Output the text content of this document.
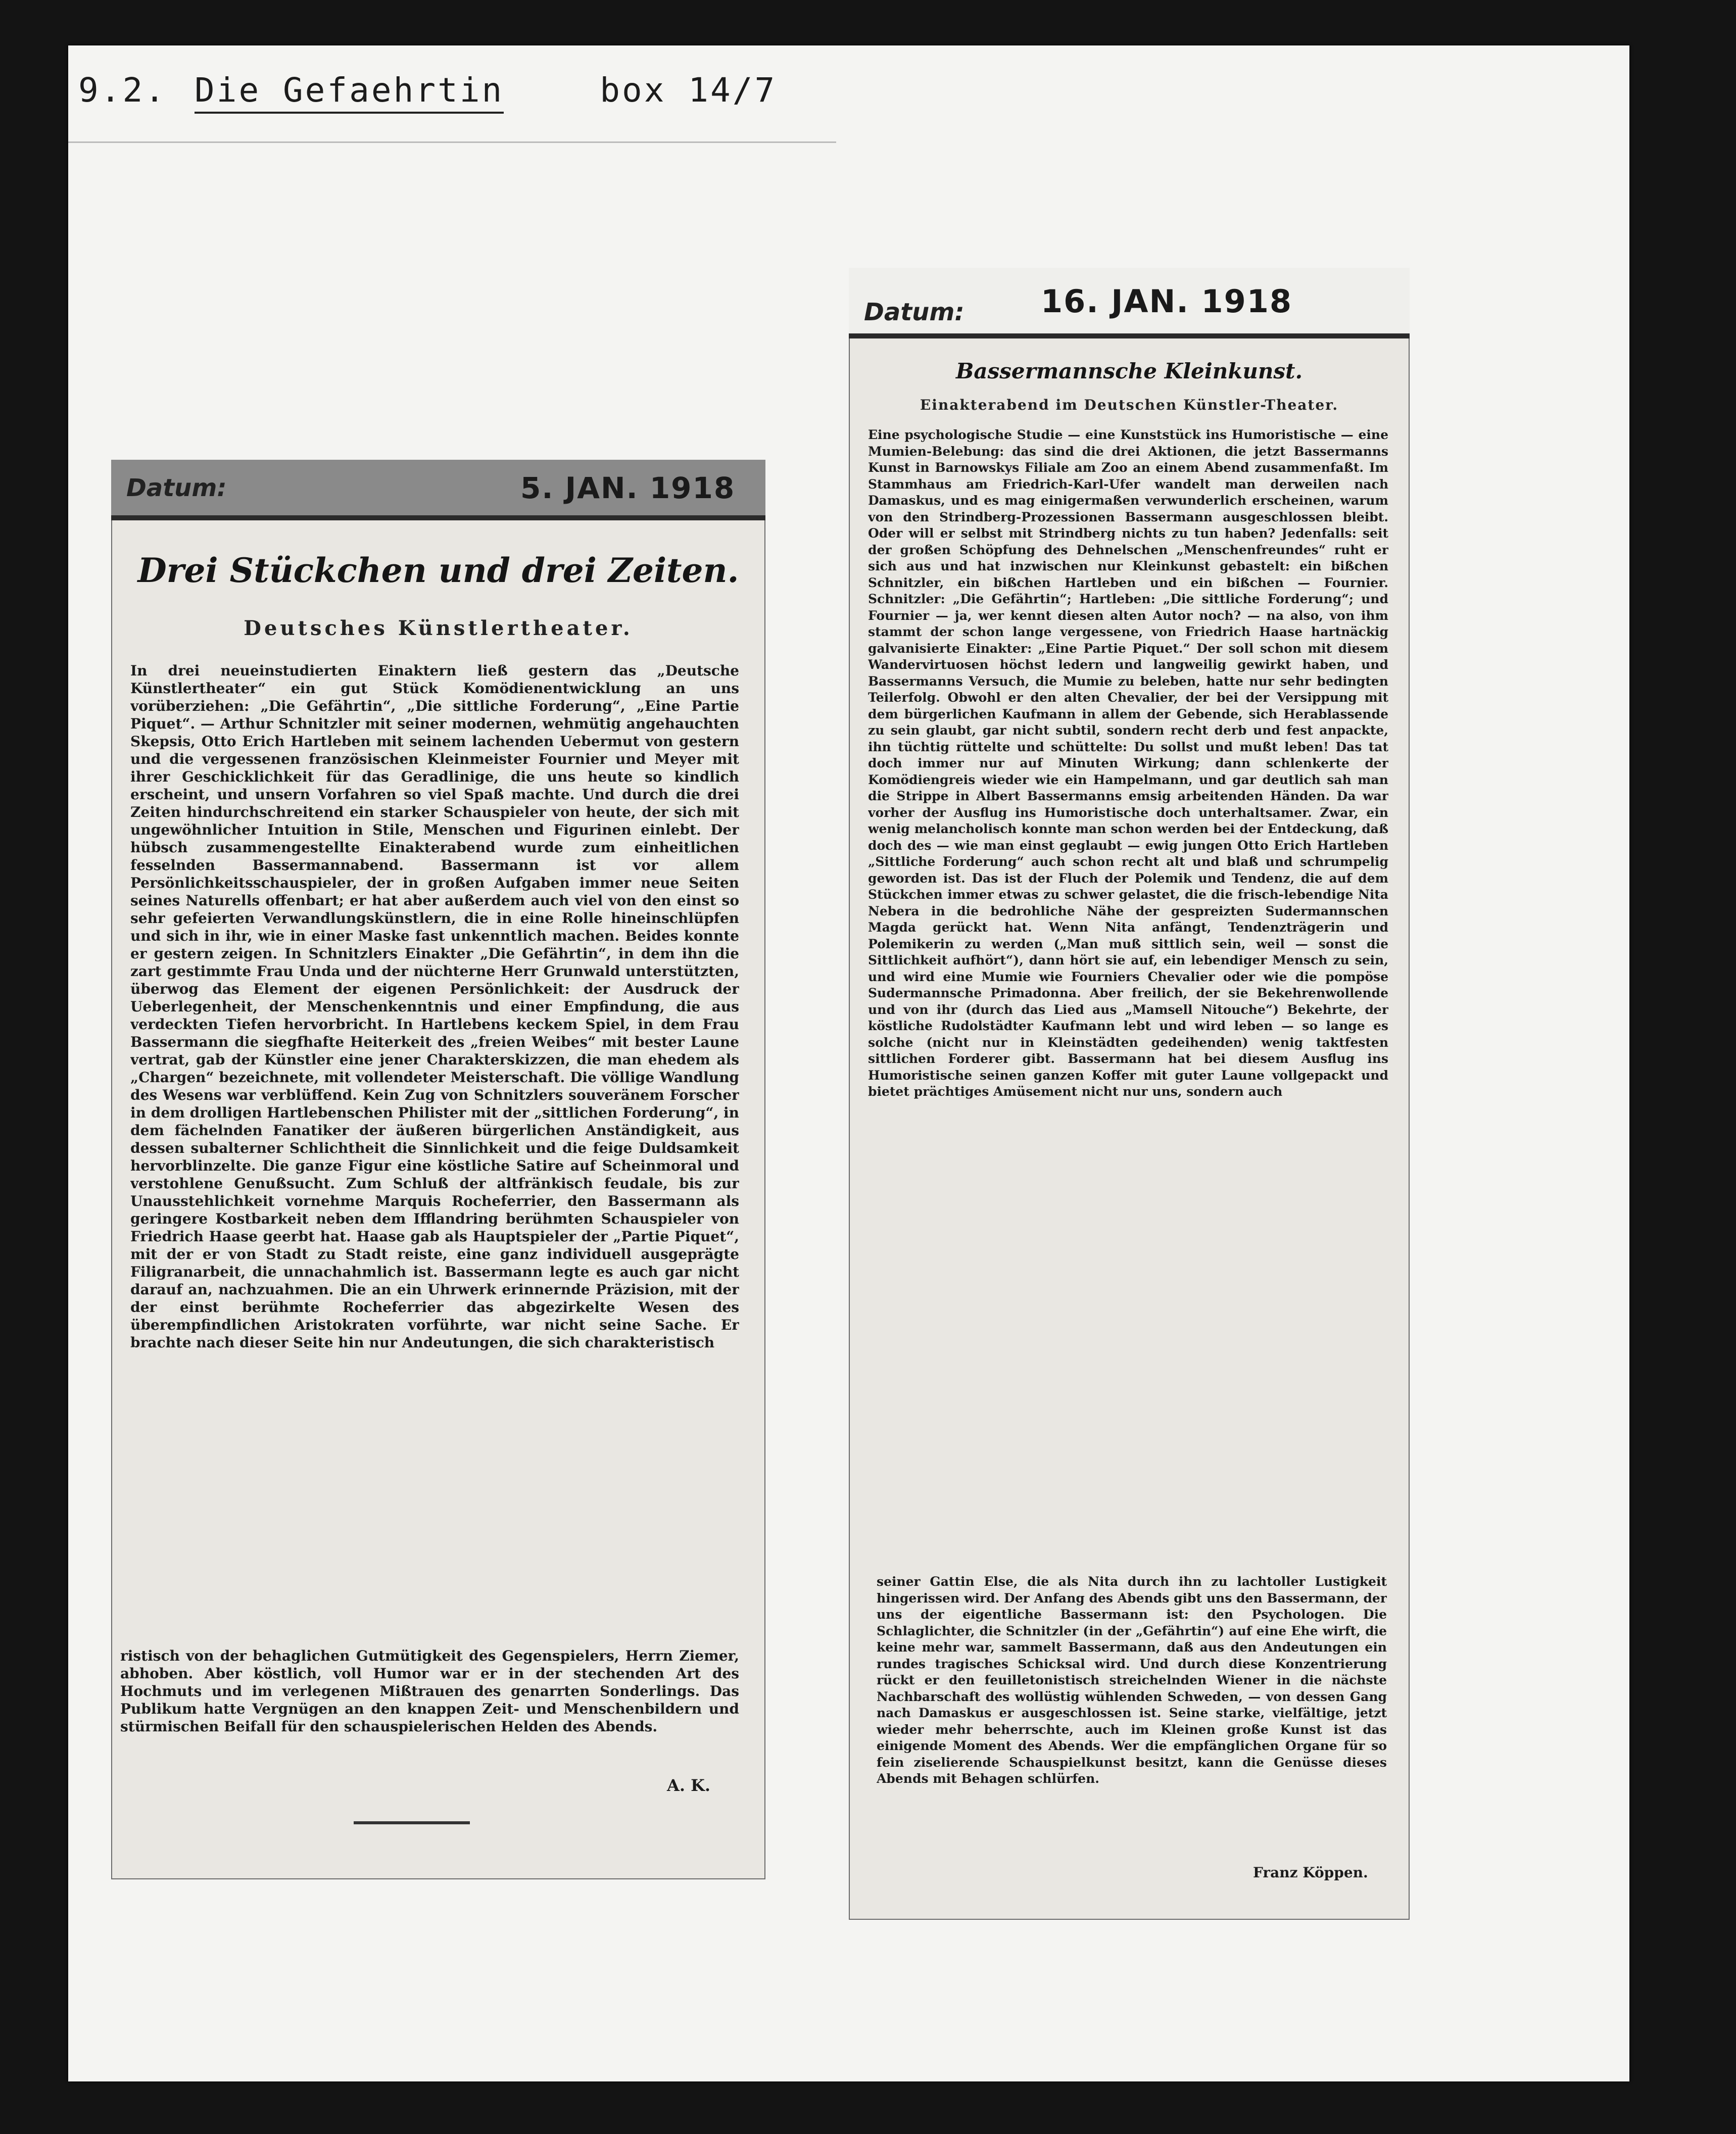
9.2. Die Gefaehrtin	box 14/7
Datum:	5. JAN. 1918
Drei Stückchen und drei Zeiten.
Deutsches Künstlertheater.
In drei neueinstudierten Einaktern ließ gestern das „Deutsche Künstlertheater“ ein gut Stück Komödienentwicklung an uns vorüberziehen: „Die Gefährtin“, „Die sittliche Forderung“, „Eine Partie Piquet“. — Arthur Schnitzler mit seiner modernen, wehmütig angehauchten Skepsis, Otto Erich Hartleben mit seinem lachenden Uebermut von gestern und die vergessenen französischen Kleinmeister Fournier und Meyer mit ihrer Geschicklichkeit für das Geradlinige, die uns heute so kindlich erscheint, und unsern Vorfahren so viel Spaß machte. Und durch die drei Zeiten hindurchschreitend ein starker Schauspieler von heute, der sich mit ungewöhnlicher Intuition in Stile, Menschen und Figurinen einlebt. Der hübsch zusammengestellte Einakterabend wurde zum einheitlichen fesselnden Bassermannabend. Bassermann ist vor allem Persönlichkeitsschauspieler, der in großen Aufgaben immer neue Seiten seines Naturells offenbart; er hat aber außerdem auch viel von den einst so sehr gefeierten Verwandlungskünstlern, die in eine Rolle hineinschlüpfen und sich in ihr, wie in einer Maske fast unkenntlich machen. Beides konnte er gestern zeigen. In Schnitzlers Einakter „Die Gefährtin“, in dem ihn die zart gestimmte Frau Unda und der nüchterne Herr Grunwald unterstützten, überwog das Element der eigenen Persönlichkeit: der Ausdruck der Ueberlegenheit, der Menschenkenntnis und einer Empfindung, die aus verdeckten Tiefen hervorbricht. In Hartlebens keckem Spiel, in dem Frau Bassermann die siegfhafte Heiterkeit des „freien Weibes“ mit bester Laune vertrat, gab der Künstler eine jener Charakterskizzen, die man ehedem als „Chargen“ bezeichnete, mit vollendeter Meisterschaft. Die völlige Wandlung des Wesens war verblüffend. Kein Zug von Schnitzlers souveränem Forscher in dem drolligen Hartlebenschen Philister mit der „sittlichen Forderung“, in dem fächelnden Fanatiker der äußeren bürgerlichen Anständigkeit, aus dessen subalterner Schlichtheit die Sinnlichkeit und die feige Duldsamkeit hervorblinzelte. Die ganze Figur eine köstliche Satire auf Scheinmoral und verstohlene Genußsucht. Zum Schluß der altfränkisch feudale, bis zur Unausstehlichkeit vornehme Marquis Rocheferrier, den Bassermann als geringere Kostbarkeit neben dem Ifflandring berühmten Schauspieler von Friedrich Haase geerbt hat. Haase gab als Hauptspieler der „Partie Piquet“, mit der er von Stadt zu Stadt reiste, eine ganz individuell ausgeprägte Filigranarbeit, die unnachahmlich ist. Bassermann legte es auch gar nicht darauf an, nachzuahmen. Die an ein Uhrwerk erinnernde Präzision, mit der der einst berühmte Rocheferrier das abgezirkelte Wesen des überempfindlichen Aristokraten vorführte, war nicht seine Sache. Er brachte nach dieser Seite hin nur Andeutungen, die sich charakteristisch
ristisch von der behaglichen Gutmütigkeit des Gegenspielers, Herrn Ziemer, abhoben. Aber köstlich, voll Humor war er in der stechenden Art des Hochmuts und im verlegenen Mißtrauen des genarrten Sonderlings. Das Publikum hatte Vergnügen an den knappen Zeit- und Menschenbildern und stürmischen Beifall für den schauspielerischen Helden des Abends.
A. K.
Datum: 16. JAN. 1918
Bassermannsche Kleinkunst.
Einakterabend im Deutschen Künstler-Theater.
Eine psychologische Studie — eine Kunststück ins Humoristische — eine Mumien-Belebung: das sind die drei Aktionen, die jetzt Bassermanns Kunst in Barnowskys Filiale am Zoo an einem Abend zusammenfaßt. Im Stammhaus am Friedrich-Karl-Ufer wandelt man derweilen nach Damaskus, und es mag einigermaßen verwunderlich erscheinen, warum von den Strindberg-Prozessionen Bassermann ausgeschlossen bleibt. Oder will er selbst mit Strindberg nichts zu tun haben? Jedenfalls: seit der großen Schöpfung des Dehnelschen „Menschenfreundes“ ruht er sich aus und hat inzwischen nur Kleinkunst gebastelt: ein bißchen Schnitzler, ein bißchen Hartleben und ein bißchen — Fournier. Schnitzler: „Die Gefährtin“; Hartleben: „Die sittliche Forderung“; und Fournier — ja, wer kennt diesen alten Autor noch? — na also, von ihm stammt der schon lange vergessene, von Friedrich Haase hartnäckig galvanisierte Einakter: „Eine Partie Piquet.“ Der soll schon mit diesem Wandervirtuosen höchst ledern und langweilig gewirkt haben, und Bassermanns Versuch, die Mumie zu beleben, hatte nur sehr bedingten Teilerfolg. Obwohl er den alten Chevalier, der bei der Versippung mit dem bürgerlichen Kaufmann in allem der Gebende, sich Herablassende zu sein glaubt, gar nicht subtil, sondern recht derb und fest anpackte, ihn tüchtig rüttelte und schüttelte: Du sollst und mußt leben! Das tat doch immer nur auf Minuten Wirkung; dann schlenkerte der Komödiengreis wieder wie ein Hampelmann, und gar deutlich sah man die Strippe in Albert Bassermanns emsig arbeitenden Händen. Da war vorher der Ausflug ins Humoristische doch unterhaltsamer. Zwar, ein wenig melancholisch konnte man schon werden bei der Entdeckung, daß doch des — wie man einst geglaubt — ewig jungen Otto Erich Hartleben „Sittliche Forderung“ auch schon recht alt und blaß und schrumpelig geworden ist. Das ist der Fluch der Polemik und Tendenz, die auf dem Stückchen immer etwas zu schwer gelastet, die die frisch-lebendige Nita Nebera in die bedrohliche Nähe der gespreizten Sudermannschen Magda gerückt hat. Wenn Nita anfängt, Tendenzträgerin und Polemikerin zu werden („Man muß sittlich sein, weil — sonst die Sittlichkeit aufhört“), dann hört sie auf, ein lebendiger Mensch zu sein, und wird eine Mumie wie Fourniers Chevalier oder wie die pompöse Sudermannsche Primadonna. Aber freilich, der sie Bekehrenwollende und von ihr (durch das Lied aus „Mamsell Nitouche“) Bekehrte, der köstliche Rudolstädter Kaufmann lebt und wird leben — so lange es solche (nicht nur in Kleinstädten gedeihenden) wenig taktfesten sittlichen Forderer gibt. Bassermann hat bei diesem Ausflug ins Humoristische seinen ganzen Koffer mit guter Laune vollgepackt und bietet prächtiges Amüsement nicht nur uns, sondern auch
seiner Gattin Else, die als Nita durch ihn zu lachtoller Lustigkeit hingerissen wird. Der Anfang des Abends gibt uns den Bassermann, der uns der eigentliche Bassermann ist: den Psychologen. Die Schlaglichter, die Schnitzler (in der „Gefährtin“) auf eine Ehe wirft, die keine mehr war, sammelt Bassermann, daß aus den Andeutungen ein rundes tragisches Schicksal wird. Und durch diese Konzentrierung rückt er den feuilletonistisch streichelnden Wiener in die nächste Nachbarschaft des wollüstig wühlenden Schweden, — von dessen Gang nach Damaskus er ausgeschlossen ist. Seine starke, vielfältige, jetzt wieder mehr beherrschte, auch im Kleinen große Kunst ist das einigende Moment des Abends. Wer die empfänglichen Organe für so fein ziselierende Schauspielkunst besitzt, kann die Genüsse dieses Abends mit Behagen schlürfen.
Franz Köppen.
